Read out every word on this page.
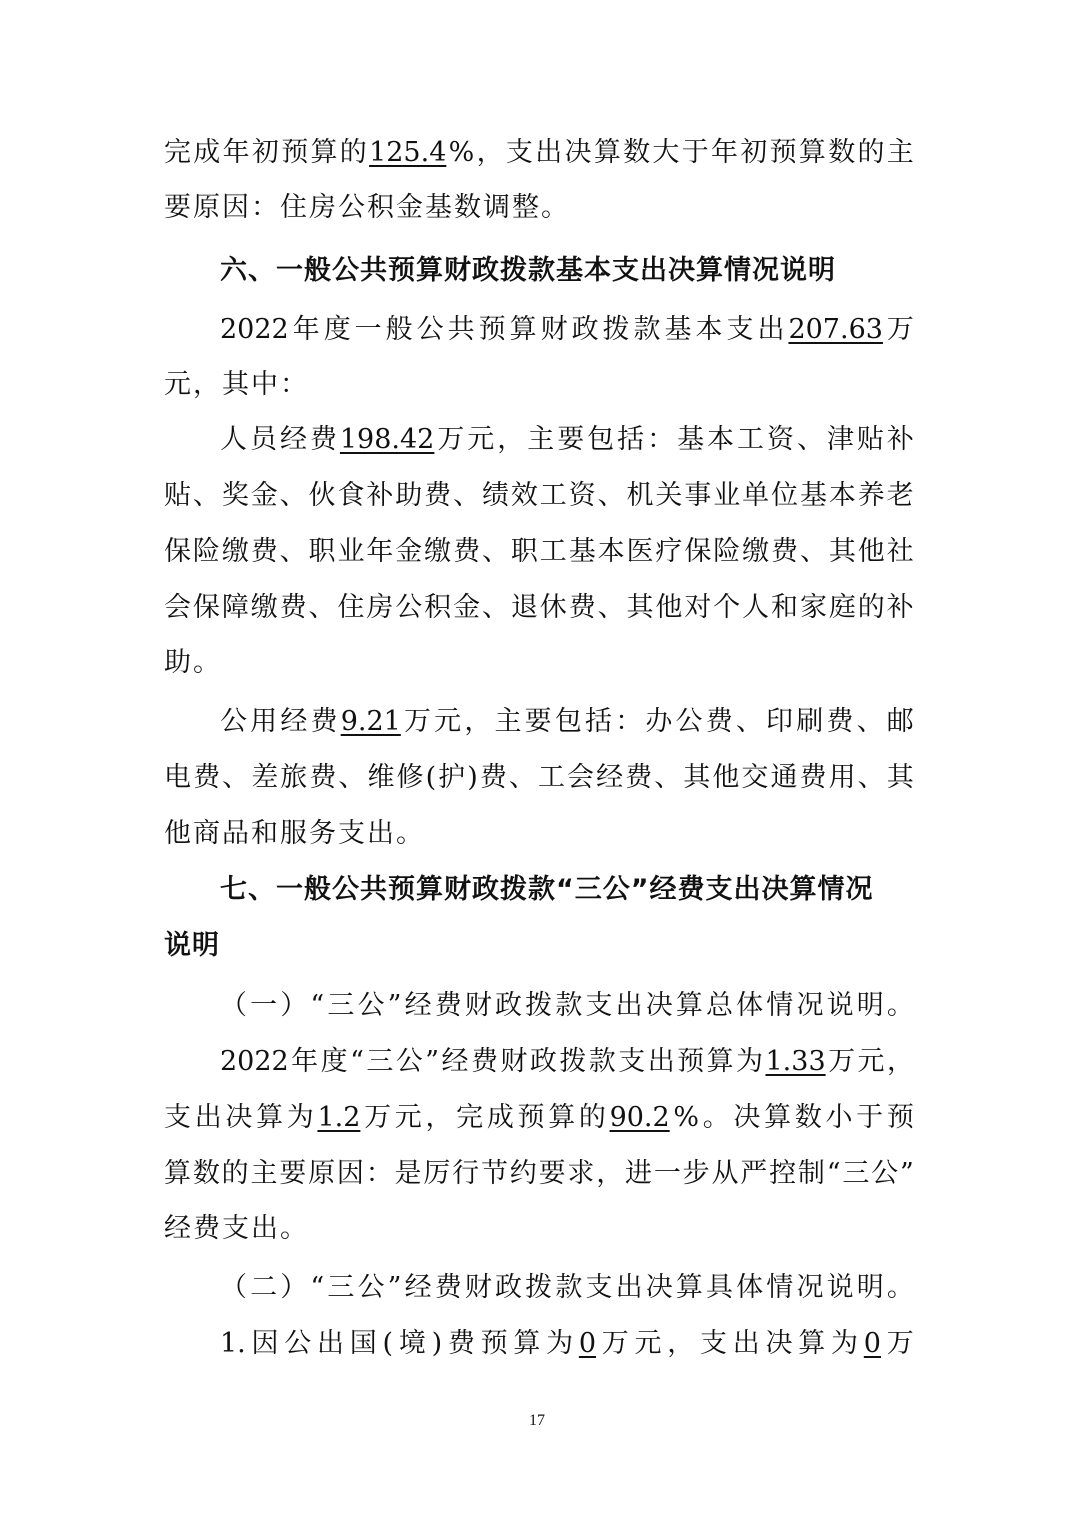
完 成 年 初 预 算 的 125.4 % ， 支 出 决 算 数 大 于 年 初 预 算 数 的 主
要原因：住房公积金基数调整。
六、一般公共预算财政拨款基本支出决算情况说明
2022 年 度 一 般 公 共 预 算 财 政 拨 款 基 本 支 出 207.63 万
元，其中：
人 员 经 费 198.42 万 元 ， 主 要 包 括 ： 基 本 工 资 、 津 贴 补
贴 、 奖 金 、 伙 食 补 助 费 、 绩 效 工 资 、 机 关 事 业 单 位 基 本 养 老
保 险 缴 费 、 职 业 年 金 缴 费 、 职 工 基 本 医 疗 保 险 缴 费 、 其 他 社
会 保 障 缴 费 、 住 房 公 积 金 、 退 休 费 、 其 他 对 个 人 和 家 庭 的 补
助。
公 用 经 费 9.21 万 元 ， 主 要 包 括 ： 办 公 费 、 印 刷 费 、 邮
电 费 、 差 旅 费 、 维 修 ( 护 ) 费 、 工 会 经 费 、 其 他 交 通 费 用 、 其
他商品和服务支出。
七、一般公共预算财政拨款“三公”经费支出决算情况
说明
（ 一 ） “ 三 公 ” 经 费 财 政 拨 款 支 出 决 算 总 体 情 况 说 明 。
2022 年 度 “ 三 公 ” 经 费 财 政 拨 款 支 出 预 算 为 1.33 万 元 ，
支 出 决 算 为 1.2 万 元 ， 完 成 预 算 的 90.2 % 。 决 算 数 小 于 预
算 数 的 主 要 原 因 ： 是 厉 行 节 约 要 求 ， 进 一 步 从 严 控 制 “ 三 公 ”
经费支出。
（ 二 ） “ 三 公 ” 经 费 财 政 拨 款 支 出 决 算 具 体 情 况 说 明 。
1. 因 公 出 国 ( 境 ) 费 预 算 为 0 万 元 ， 支 出 决 算 为 0 万
17
